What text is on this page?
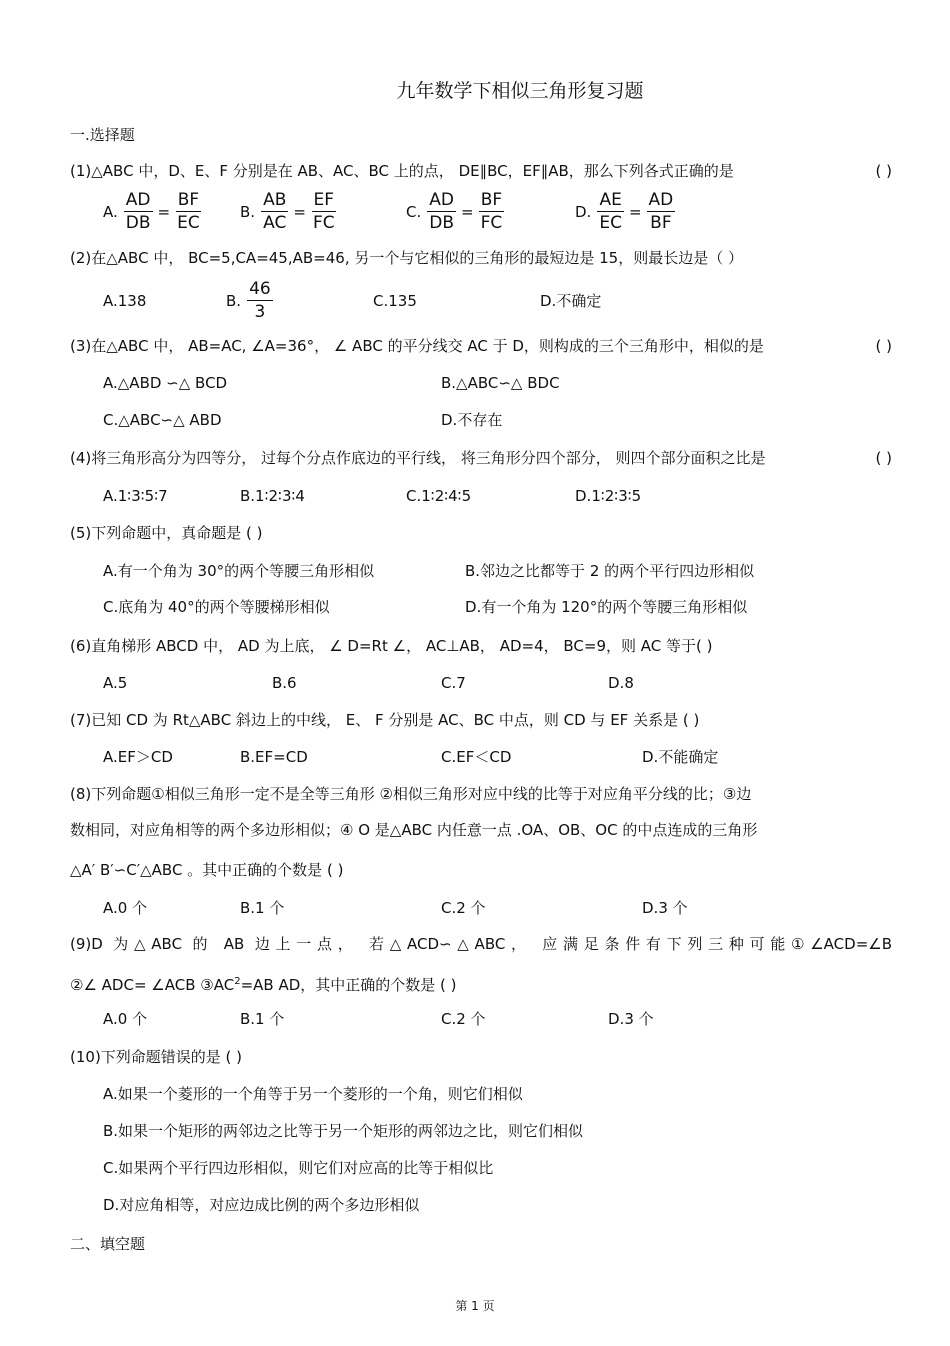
九年数学下相似三角形复习题
一.选择题
(1)△ABC 中，D、E、F 分别是在 AB、AC、BC 上的点， DE∥BC，EF∥AB，那么下列各式正确的是	( )
A. $\frac{AD}{DB} = \frac{BF}{EC}$	B. $\frac{AB}{AC} = \frac{EF}{FC}$	C. $\frac{AD}{DB} = \frac{BF}{FC}$	D. $\frac{AE}{EC} = \frac{AD}{BF}$
(2)在△ABC 中， BC=5,CA=45,AB=46, 另一个与它相似的三角形的最短边是 15，则最长边是（ ）
A.138	B. $\frac{46}{3}$	C.135	D.不确定
(3)在△ABC 中， AB=AC, ∠A=36°， ∠ ABC 的平分线交 AC 于 D，则构成的三个三角形中，相似的是	( )
A.△ABD ∽△ BCD	B.△ABC∽△ BDC
C.△ABC∽△ ABD	D.不存在
(4)将三角形高分为四等分， 过每个分点作底边的平行线， 将三角形分四个部分， 则四个部分面积之比是	( )
A.1∶3∶5∶7	B.1∶2∶3∶4	C.1∶2∶4∶5	D.1∶2∶3∶5
(5)下列命题中，真命题是 ( )
A.有一个角为 30°的两个等腰三角形相似	B.邻边之比都等于 2 的两个平行四边形相似
C.底角为 40°的两个等腰梯形相似	D.有一个角为 120°的两个等腰三角形相似
(6)直角梯形 ABCD 中， AD 为上底， ∠ D=Rt ∠， AC⊥AB， AD=4， BC=9，则 AC 等于( )
A.5	B.6	C.7	D.8
(7)已知 CD 为 Rt△ABC 斜边上的中线， E、 F 分别是 AC、BC 中点，则 CD 与 EF 关系是 ( )
A.EF＞CD	B.EF=CD	C.EF＜CD	D.不能确定
(8)下列命题①相似三角形一定不是全等三角形 ②相似三角形对应中线的比等于对应角平分线的比；③边
数相同，对应角相等的两个多边形相似；④ O 是△ABC 内任意一点 .OA、OB、OC 的中点连成的三角形
△A′ B′∽C′△ABC 。其中正确的个数是 ( )
A.0 个	B.1 个	C.2 个	D.3 个
(9)D 为△ABC 的 AB 边上一点， 若△ACD∽△ABC， 应满足条件有下列三种可能①∠ACD=∠B
②∠ ADC= ∠ACB $③AC^2=AB$ AD，其中正确的个数是 ( )
A.0 个	B.1 个	C.2 个	D.3 个
(10)下列命题错误的是 ( )
A.如果一个菱形的一个角等于另一个菱形的一个角，则它们相似
B.如果一个矩形的两邻边之比等于另一个矩形的两邻边之比，则它们相似
C.如果两个平行四边形相似，则它们对应高的比等于相似比
D.对应角相等，对应边成比例的两个多边形相似
二、填空题
第 1 页
